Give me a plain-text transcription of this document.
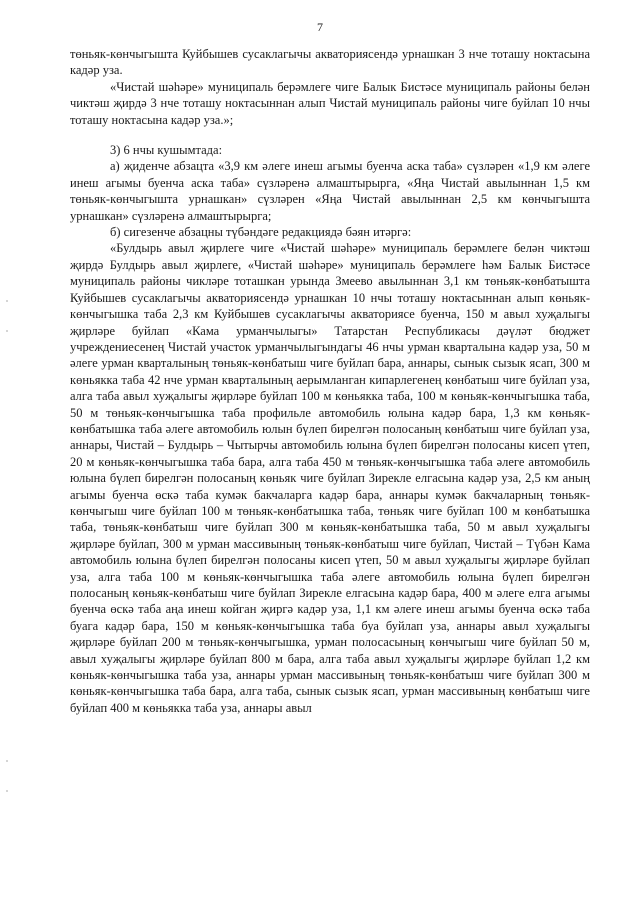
7

төньяк-көнчыгышта Куйбышев сусаклагычы акваториясендә урнашкан 3 нче тоташу ноктасына кадәр уза.

«Чистай шәһәре» муниципаль берәмлеге чиге Балык Бистәсе муниципаль районы белән чиктәш җирдә 3 нче тоташу ноктасыннан алып Чистай муниципаль районы чиге буйлап 10 нчы тоташу ноктасына кадәр уза.»;

3) 6 нчы кушымтада:

а) җиденче абзацта «3,9 км әлеге инеш агымы буенча аска таба» сүзләрен «1,9 км әлеге инеш агымы буенча аска таба» сүзләренә алмаштырырга, «Яңа Чистай авылыннан 1,5 км төньяк-көнчыгышта урнашкан» сүзләрен «Яңа Чистай авылыннан 2,5 км көнчыгышта урнашкан» сүзләренә алмаштырырга;

б) сигезенче абзацны түбәндәге редакциядә бәян итәргә:

«Булдырь авыл җирлеге чиге «Чистай шәһәре» муниципаль берәмлеге белән чиктәш җирдә Булдырь авыл җирлеге, «Чистай шәһәре» муниципаль берәмлеге һәм Балык Бистәсе муниципаль районы чикләре тоташкан урында Змеево авылыннан 3,1 км төньяк-көнбатышта Куйбышев сусаклагычы акваториясендә урнашкан 10 нчы тоташу ноктасыннан алып көньяк-көнчыгышка таба 2,3 км Куйбышев сусаклагычы акваториясе буенча, 150 м авыл хуҗалыгы җирләре буйлап «Кама урманчылыгы» Татарстан Республикасы дәүләт бюджет учреждениесенең Чистай участок урманчылыгындагы 46 нчы урман кварталына кадәр уза, 50 м әлеге урман кварталының төньяк-көнбатыш чиге буйлап бара, аннары, сынык сызык ясап, 300 м көньякка таба 42 нче урман кварталының аерымланган кипарлегенең көнбатыш чиге буйлап уза, алга таба авыл хуҗалыгы җирләре буйлап 100 м көньякка таба, 100 м көньяк-көнчыгышка таба, 50 м төньяк-көнчыгышка таба профильле автомобиль юлына кадәр бара, 1,3 км көньяк-көнбатышка таба әлеге автомобиль юлын бүлеп бирелгән полосаның көнбатыш чиге буйлап уза, аннары, Чистай – Булдырь – Чытырчы автомобиль юлына бүлеп бирелгән полосаны кисеп үтеп, 20 м көньяк-көнчыгышка таба бара, алга таба 450 м төньяк-көнчыгышка таба әлеге автомобиль юлына бүлеп бирелгән полосаның көньяк чиге буйлап Зирекле елгасына кадәр уза, 2,5 км аның агымы буенча өскә таба кумәк бакчаларга кадәр бара, аннары кумәк бакчаларның төньяк-көнчыгыш чиге буйлап 100 м төньяк-көнбатышка таба, төньяк чиге буйлап 100 м көнбатышка таба, төньяк-көнбатыш чиге буйлап 300 м көньяк-көнбатышка таба, 50 м авыл хуҗалыгы җирләре буйлап, 300 м урман массивының төньяк-көнбатыш чиге буйлап, Чистай – Түбән Кама автомобиль юлына бүлеп бирелгән полосаны кисеп үтеп, 50 м авыл хуҗалыгы җирләре буйлап уза, алга таба 100 м көньяк-көнчыгышка таба әлеге автомобиль юлына бүлеп бирелгән полосаның көньяк-көнбатыш чиге буйлап Зирекле елгасына кадәр бара, 400 м әлеге елга агымы буенча өскә таба аңа инеш койган җиргә кадәр уза, 1,1 км әлеге инеш агымы буенча өскә таба буага кадәр бара, 150 м көньяк-көнчыгышка таба буа буйлап уза, аннары авыл хуҗалыгы җирләре буйлап 200 м төньяк-көнчыгышка, урман полосасының көнчыгыш чиге буйлап 50 м, авыл хуҗалыгы җирләре буйлап 800 м бара, алга таба авыл хуҗалыгы җирләре буйлап 1,2 км көньяк-көнчыгышка таба уза, аннары урман массивының төньяк-көнбатыш чиге буйлап 300 м көньяк-көнчыгышка таба бара, алга таба, сынык сызык ясап, урман массивының көнбатыш чиге буйлап 400 м көньякка таба уза, аннары авыл
